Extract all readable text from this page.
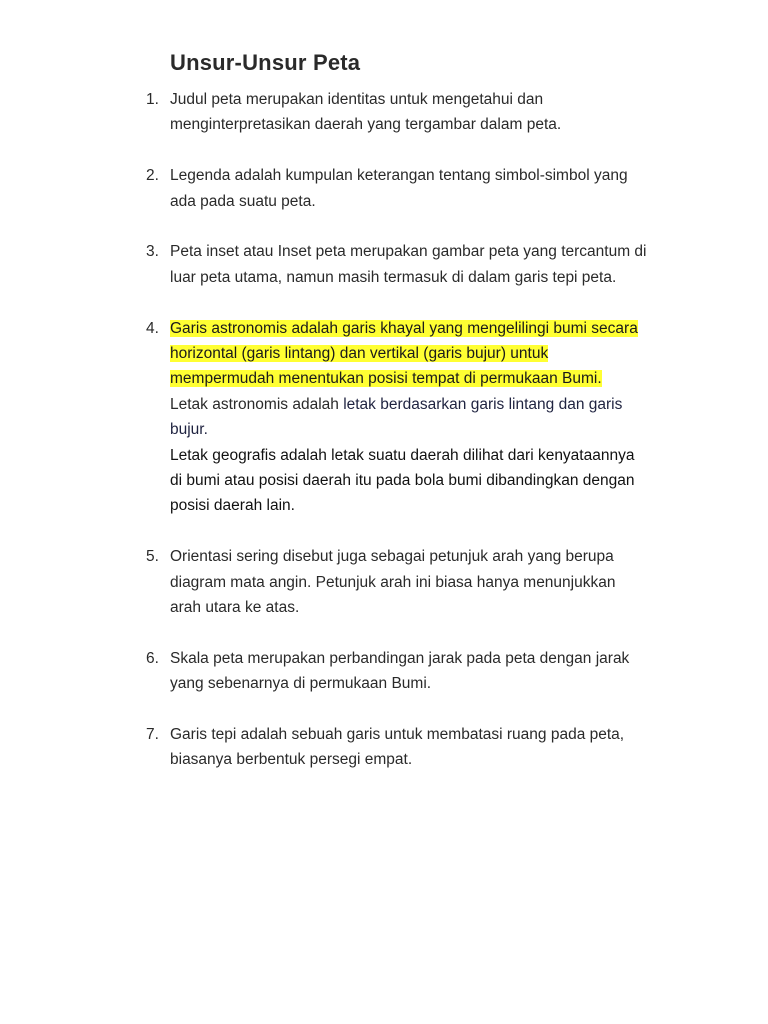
Unsur-Unsur Peta
1. Judul peta merupakan identitas untuk mengetahui dan menginterpretasikan daerah yang tergambar dalam peta.
2. Legenda adalah kumpulan keterangan tentang simbol-simbol yang ada pada suatu peta.
3. Peta inset atau Inset peta merupakan gambar peta yang tercantum di luar peta utama, namun masih termasuk di dalam garis tepi peta.
4. Garis astronomis adalah garis khayal yang mengelilingi bumi secara horizontal (garis lintang) dan vertikal (garis bujur) untuk mempermudah menentukan posisi tempat di permukaan Bumi.
Letak astronomis adalah letak berdasarkan garis lintang dan garis bujur.
Letak geografis adalah letak suatu daerah dilihat dari kenyataannya di bumi atau posisi daerah itu pada bola bumi dibandingkan dengan posisi daerah lain.
5. Orientasi sering disebut juga sebagai petunjuk arah yang berupa diagram mata angin. Petunjuk arah ini biasa hanya menunjukkan arah utara ke atas.
6. Skala peta merupakan perbandingan jarak pada peta dengan jarak yang sebenarnya di permukaan Bumi.
7. Garis tepi adalah sebuah garis untuk membatasi ruang pada peta, biasanya berbentuk persegi empat.
